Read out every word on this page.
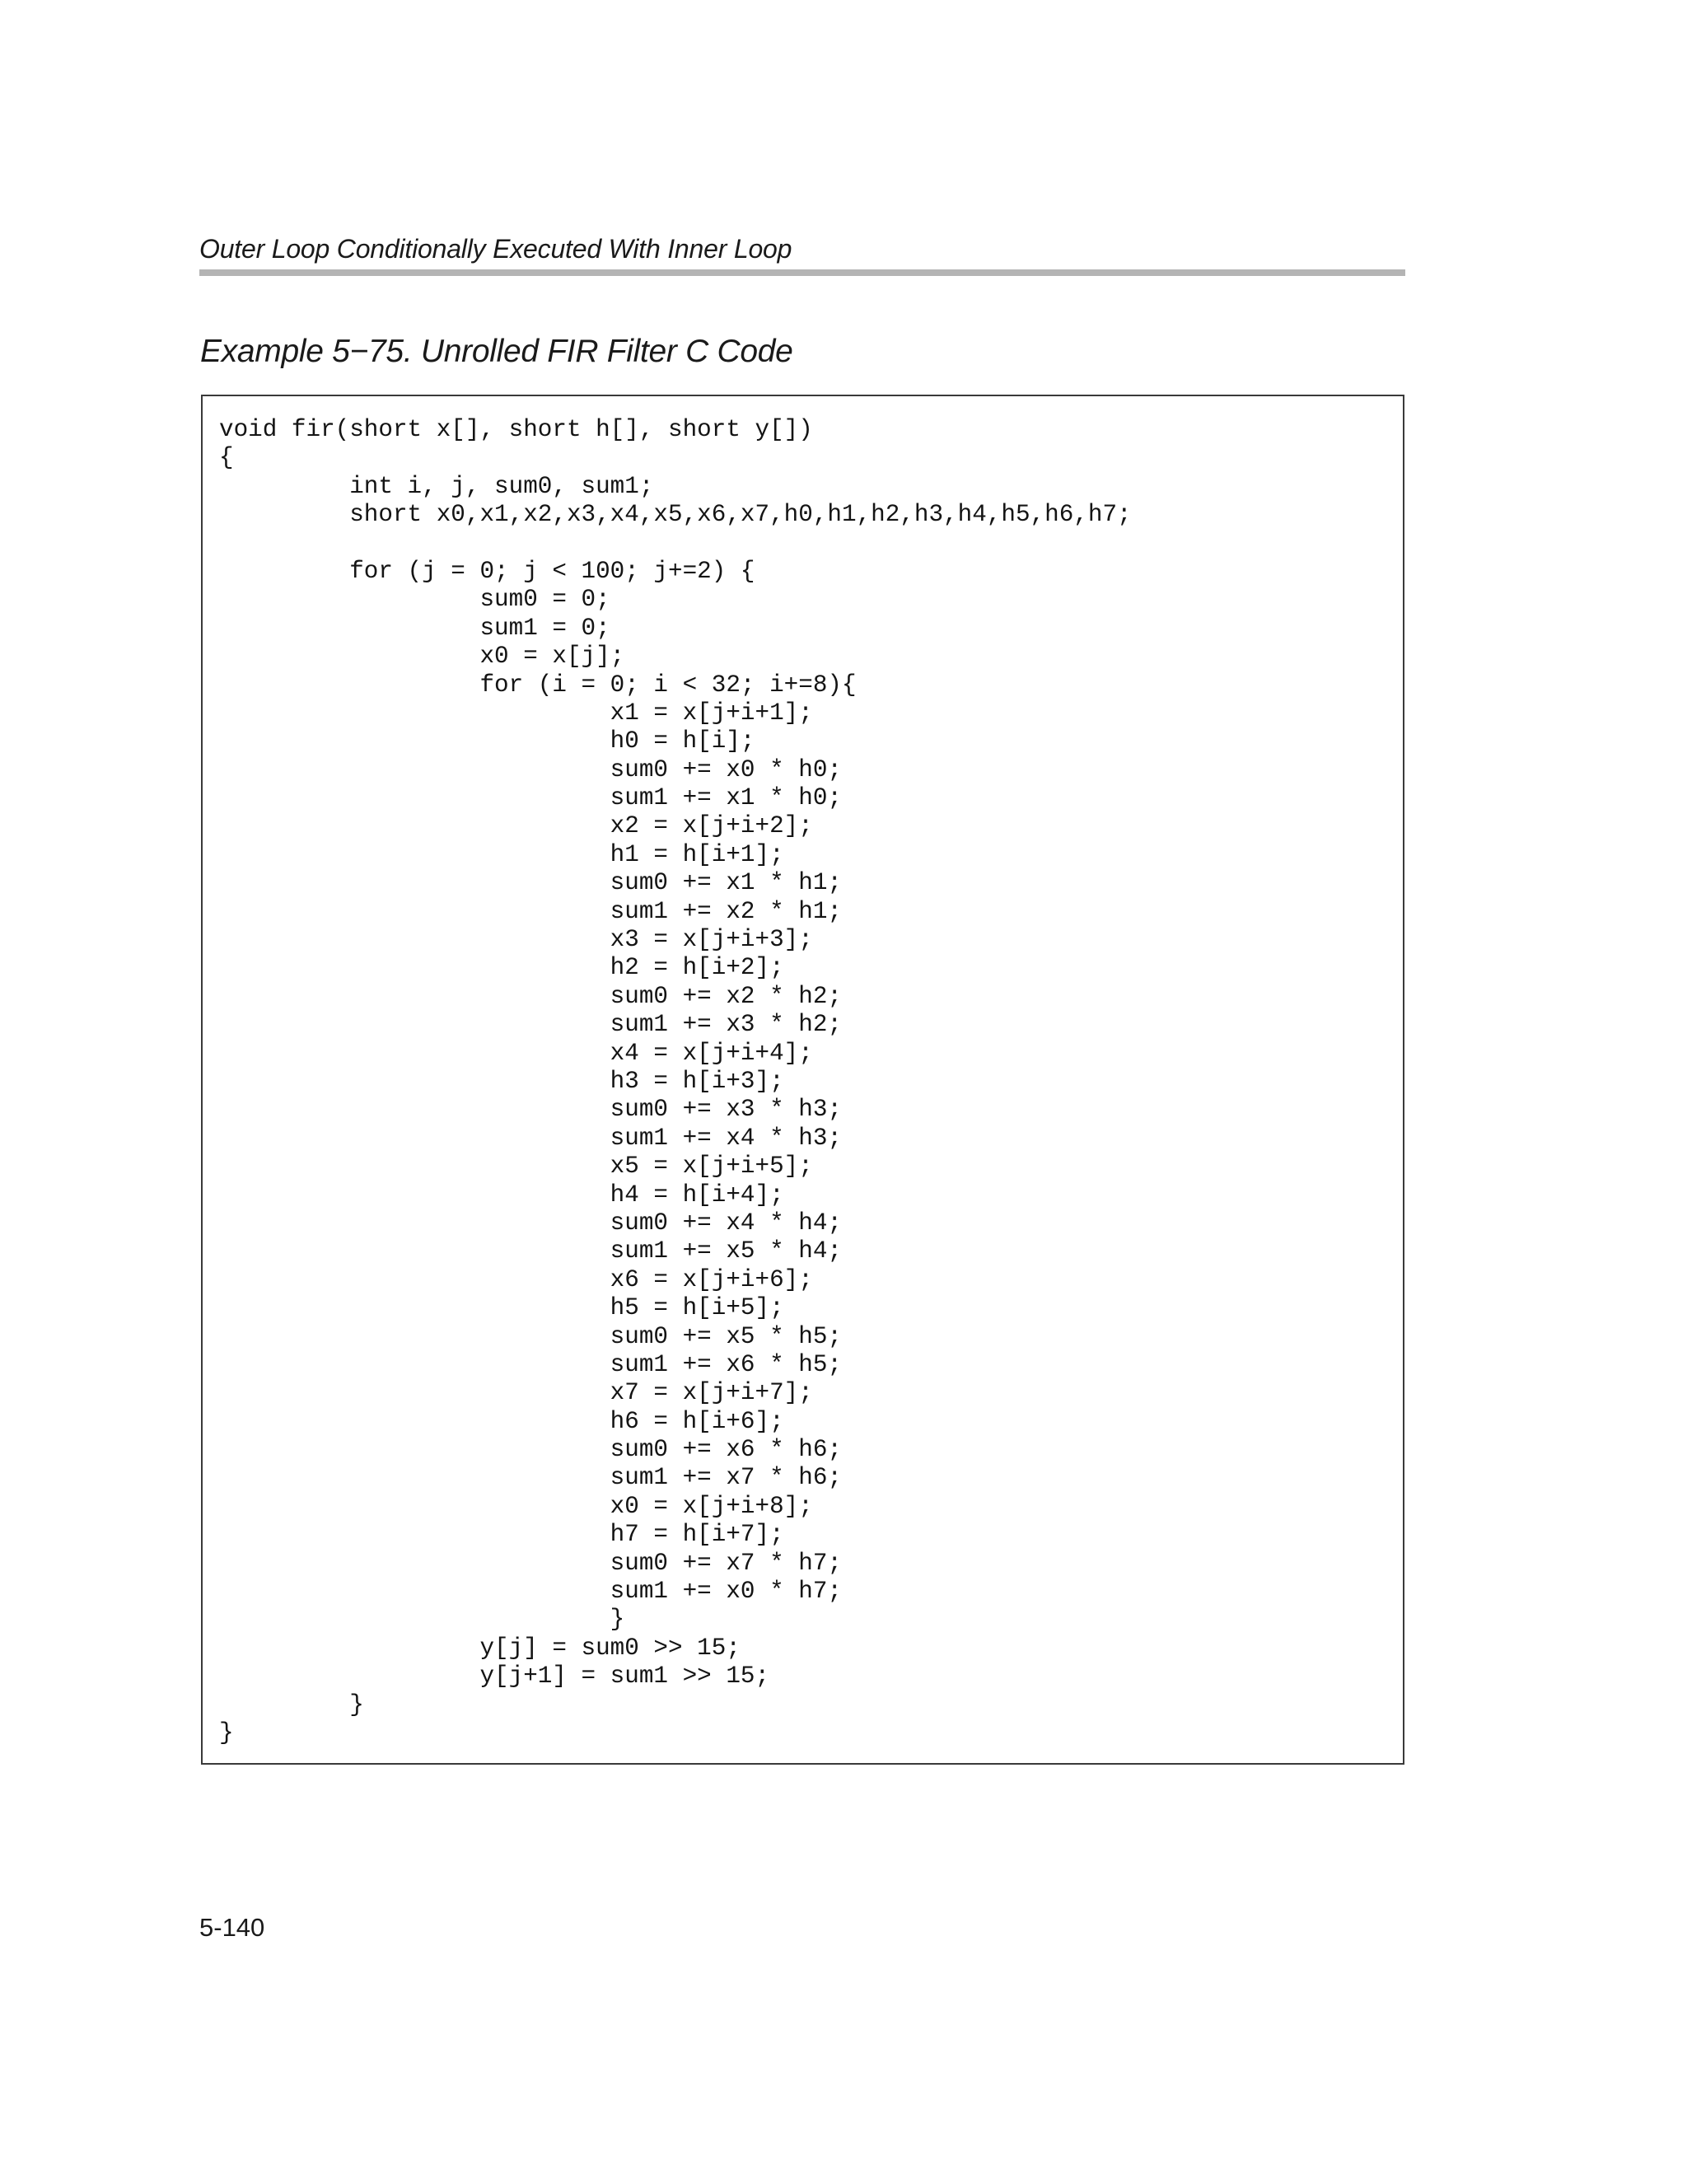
Outer Loop Conditionally Executed With Inner Loop
Example 5−75. Unrolled FIR Filter C Code
void fir(short x[], short h[], short y[])
{
int i, j, sum0, sum1;
short x0,x1,x2,x3,x4,x5,x6,x7,h0,h1,h2,h3,h4,h5,h6,h7;
for (j = 0; j < 100; j+=2) {
sum0 = 0;
sum1 = 0;
x0 = x[j];
for (i = 0; i < 32; i+=8){
x1 = x[j+i+1];
h0 = h[i];
sum0 += x0 * h0;
sum1 += x1 * h0;
x2 = x[j+i+2];
h1 = h[i+1];
sum0 += x1 * h1;
sum1 += x2 * h1;
x3 = x[j+i+3];
h2 = h[i+2];
sum0 += x2 * h2;
sum1 += x3 * h2;
x4 = x[j+i+4];
h3 = h[i+3];
sum0 += x3 * h3;
sum1 += x4 * h3;
x5 = x[j+i+5];
h4 = h[i+4];
sum0 += x4 * h4;
sum1 += x5 * h4;
x6 = x[j+i+6];
h5 = h[i+5];
sum0 += x5 * h5;
sum1 += x6 * h5;
x7 = x[j+i+7];
h6 = h[i+6];
sum0 += x6 * h6;
sum1 += x7 * h6;
x0 = x[j+i+8];
h7 = h[i+7];
sum0 += x7 * h7;
sum1 += x0 * h7;
}
y[j] = sum0 >> 15;
y[j+1] = sum1 >> 15;
}
}
5-140
